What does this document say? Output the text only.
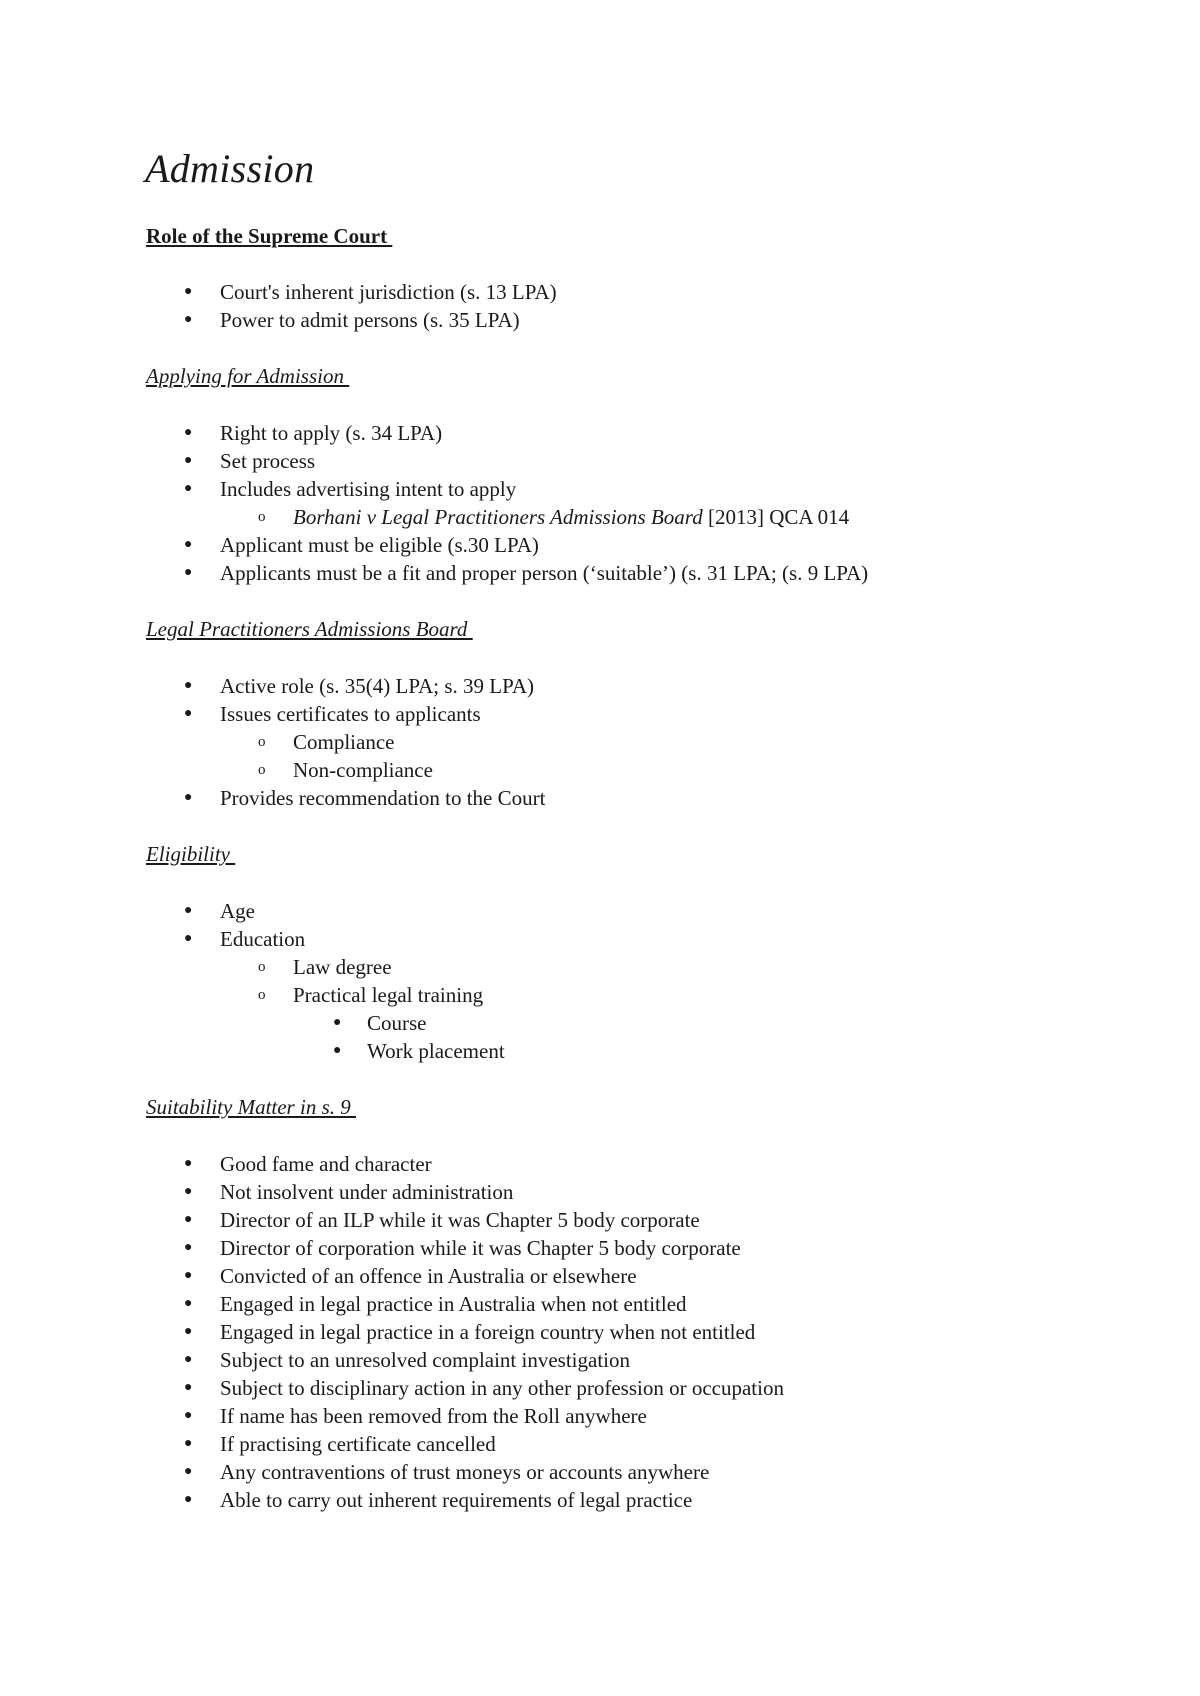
Admission
Role of the Supreme Court
● Court's inherent jurisdiction (s. 13 LPA)
● Power to admit persons (s. 35 LPA)
Applying for Admission
● Right to apply (s. 34 LPA)
● Set process
● Includes advertising intent to apply
o Borhani v Legal Practitioners Admissions Board [2013] QCA 014
● Applicant must be eligible (s.30 LPA)
● Applicants must be a fit and proper person (‘suitable’) (s. 31 LPA; (s. 9 LPA)
Legal Practitioners Admissions Board
● Active role (s. 35(4) LPA; s. 39 LPA)
● Issues certificates to applicants
o Compliance
o Non-compliance
● Provides recommendation to the Court
Eligibility
● Age
● Education
o Law degree
o Practical legal training
● Course
● Work placement
Suitability Matter in s. 9
● Good fame and character
● Not insolvent under administration
● Director of an ILP while it was Chapter 5 body corporate
● Director of corporation while it was Chapter 5 body corporate
● Convicted of an offence in Australia or elsewhere
● Engaged in legal practice in Australia when not entitled
● Engaged in legal practice in a foreign country when not entitled
● Subject to an unresolved complaint investigation
● Subject to disciplinary action in any other profession or occupation
● If name has been removed from the Roll anywhere
● If practising certificate cancelled
● Any contraventions of trust moneys or accounts anywhere
● Able to carry out inherent requirements of legal practice
